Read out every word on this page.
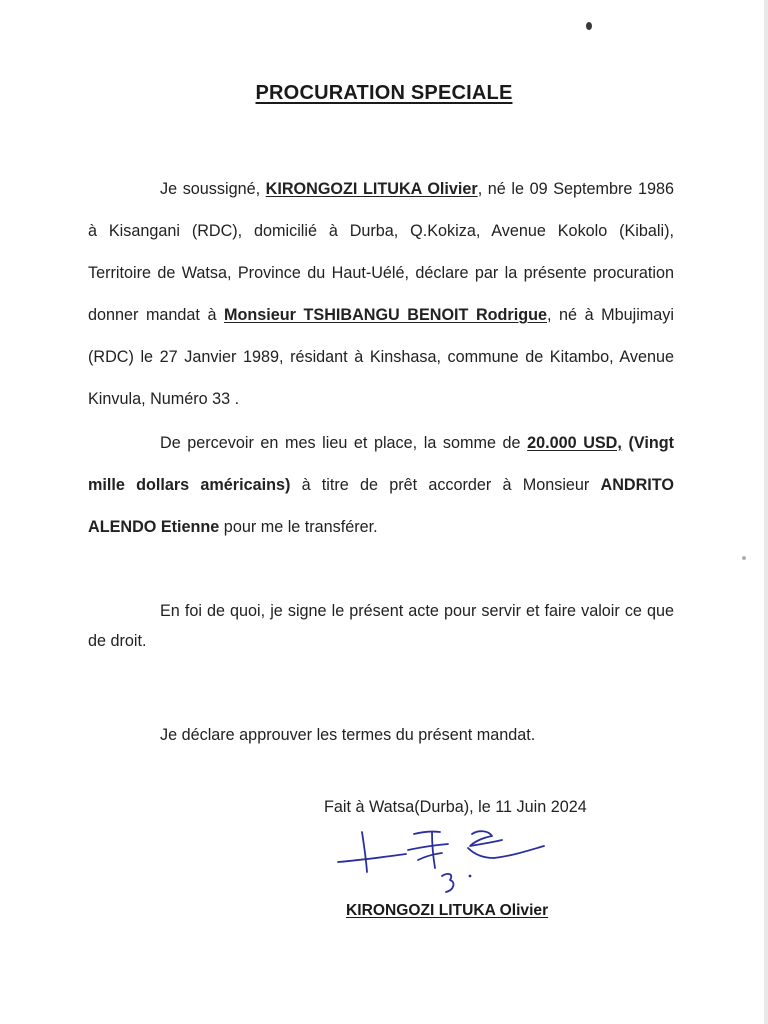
PROCURATION SPECIALE
Je soussigné, KIRONGOZI LITUKA Olivier, né le 09 Septembre 1986 à Kisangani (RDC), domicilié à Durba, Q.Kokiza, Avenue Kokolo (Kibali), Territoire de Watsa, Province du Haut-Uélé, déclare par la présente procuration donner mandat à Monsieur TSHIBANGU BENOIT Rodrigue, né à Mbujimayi (RDC) le 27 Janvier 1989, résidant à Kinshasa, commune de Kitambo, Avenue Kinvula, Numéro 33 .
De percevoir en mes lieu et place, la somme de 20.000 USD, (Vingt mille dollars américains) à titre de prêt accorder à Monsieur ANDRITO ALENDO Etienne pour me le transférer.
En foi de quoi, je signe le présent acte pour servir et faire valoir ce que de droit.
Je déclare approuver les termes du présent mandat.
Fait à Watsa(Durba), le 11 Juin 2024
KIRONGOZI LITUKA Olivier
